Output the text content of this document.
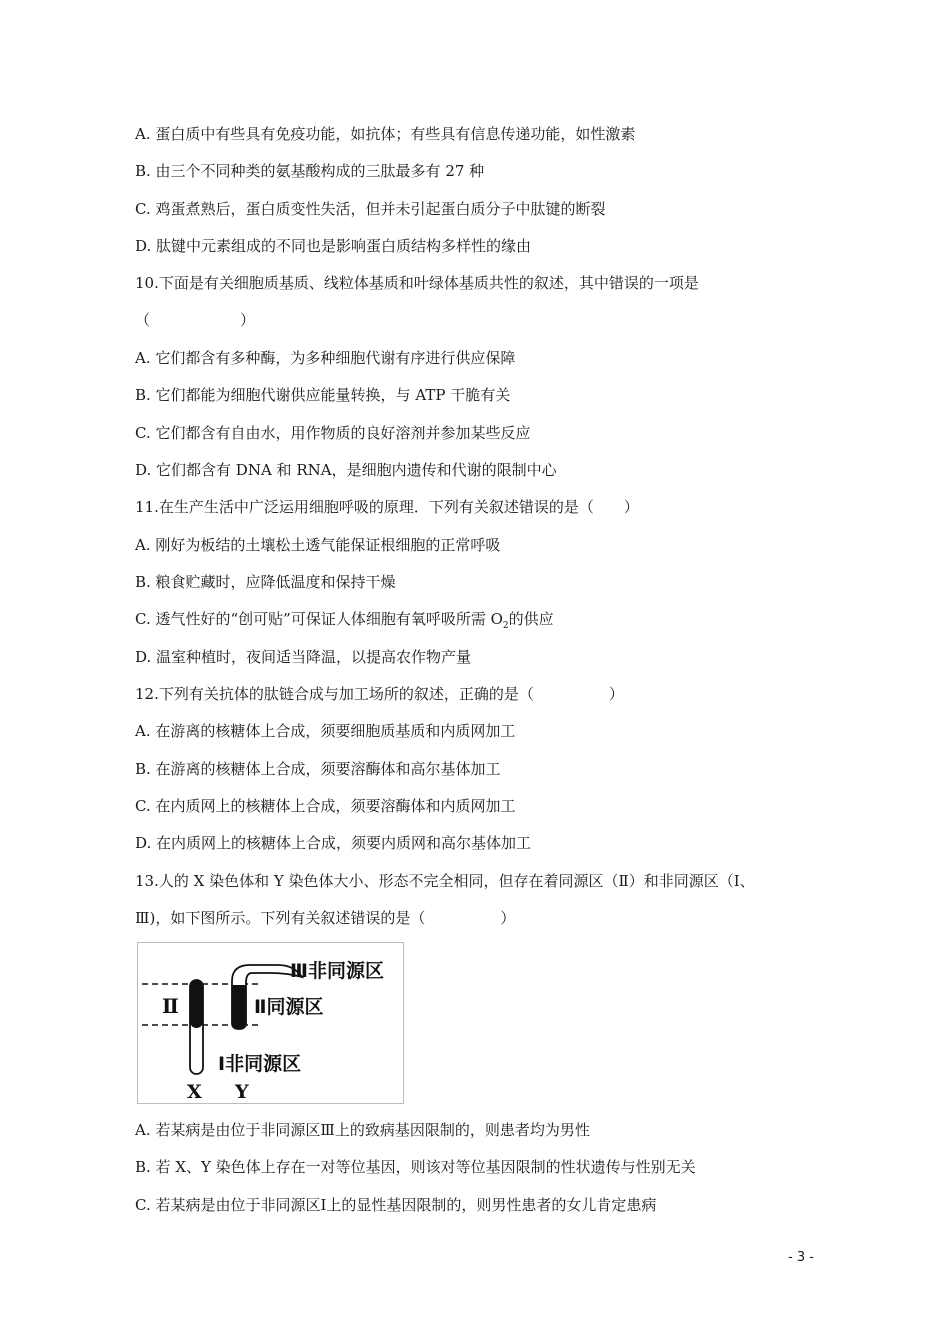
A. 蛋白质中有些具有免疫功能，如抗体；有些具有信息传递功能，如性激素
B. 由三个不同种类的氨基酸构成的三肽最多有 27 种
C. 鸡蛋煮熟后，蛋白质变性失活，但并未引起蛋白质分子中肽键的断裂
D. 肽键中元素组成的不同也是影响蛋白质结构多样性的缘由
10.下面是有关细胞质基质、线粒体基质和叶绿体基质共性的叙述，其中错误的一项是
（　　　　　　）
A. 它们都含有多种酶，为多种细胞代谢有序进行供应保障
B. 它们都能为细胞代谢供应能量转换，与 ATP 干脆有关
C. 它们都含有自由水，用作物质的良好溶剂并参加某些反应
D. 它们都含有 DNA 和 RNA，是细胞内遗传和代谢的限制中心
11.在生产生活中广泛运用细胞呼吸的原理．下列有关叙述错误的是（　　）
A. 刚好为板结的土壤松土透气能保证根细胞的正常呼吸
B. 粮食贮藏时，应降低温度和保持干燥
C. 透气性好的“创可贴”可保证人体细胞有氧呼吸所需 $O_2$的供应
D. 温室种植时，夜间适当降温，以提高农作物产量
12.下列有关抗体的肽链合成与加工场所的叙述，正确的是（　　　　　）
A. 在游离的核糖体上合成，须要细胞质基质和内质网加工
B. 在游离的核糖体上合成，须要溶酶体和高尔基体加工
C. 在内质网上的核糖体上合成，须要溶酶体和内质网加工
D. 在内质网上的核糖体上合成，须要内质网和高尔基体加工
13.人的 X 染色体和 Y 染色体大小、形态不完全相同，但存在着同源区（Ⅱ）和非同源区（Ⅰ、
Ⅲ)，如下图所示。下列有关叙述错误的是（　　　　　）
Ⅲ非同源区
Ⅱ	Ⅱ同源区
Ⅰ非同源区
X Y
A. 若某病是由位于非同源区Ⅲ上的致病基因限制的，则患者均为男性
B. 若 X、Y 染色体上存在一对等位基因，则该对等位基因限制的性状遗传与性别无关
C. 若某病是由位于非同源区Ⅰ上的显性基因限制的，则男性患者的女儿肯定患病
- 3 -
